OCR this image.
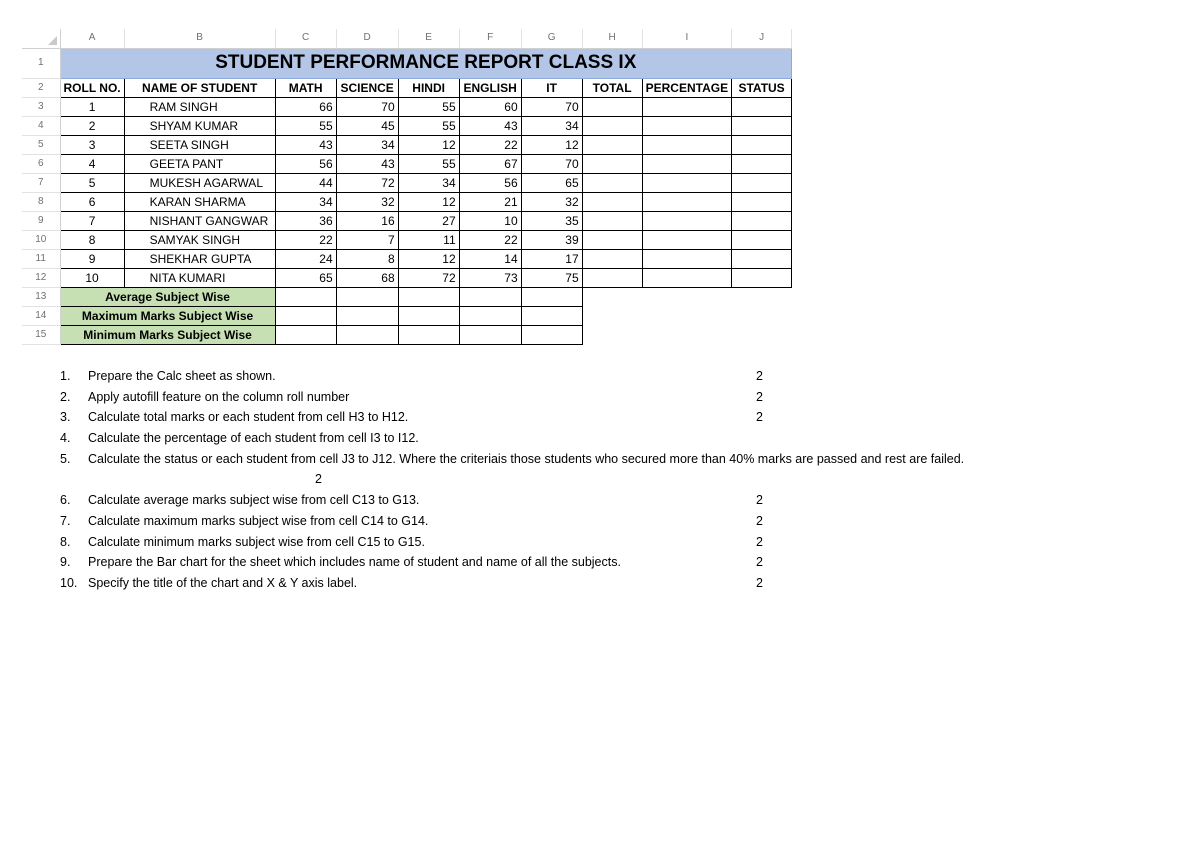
	A	B	C	D	E	F	G	H	I	J
1	STUDENT PERFORMANCE REPORT CLASS IX									
2	ROLL NO.	NAME OF STUDENT	MATH	SCIENCE	HINDI	ENGLISH	IT	TOTAL	PERCENTAGE	STATUS
3	1	RAM SINGH	66	70	55	60	70			
4	2	SHYAM KUMAR	55	45	55	43	34			
5	3	SEETA SINGH	43	34	12	22	12			
6	4	GEETA PANT	56	43	55	67	70			
7	5	MUKESH AGARWAL	44	72	34	56	65			
8	6	KARAN SHARMA	34	32	12	21	32			
9	7	NISHANT GANGWAR	36	16	27	10	35			
10	8	SAMYAK SINGH	22	7	11	22	39			
11	9	SHEKHAR GUPTA	24	8	12	14	17			
12	10	NITA KUMARI	65	68	72	73	75			
13	Average Subject Wise									
14	Maximum Marks Subject Wise									
15	Minimum Marks Subject Wise									
1.	Prepare the Calc sheet as shown.	2
2.	Apply autofill feature on the column roll number	2
3.	Calculate total marks or each student from cell H3 to H12.	2
4.	Calculate the percentage of each student from cell I3 to I12.
5.	Calculate the status or each student from cell J3 to J12. Where the criteriais those students who secured more than 40% marks are passed and rest are failed.
2
6.	Calculate average marks subject wise from cell C13 to G13.	2
7.	Calculate maximum marks subject wise from cell C14 to G14.	2
8.	Calculate minimum marks subject wise from cell C15 to G15.	2
9.	Prepare the Bar chart for the sheet which includes name of student and name of all the subjects.	2
10. Specify the title of the chart and X & Y axis label.	2
